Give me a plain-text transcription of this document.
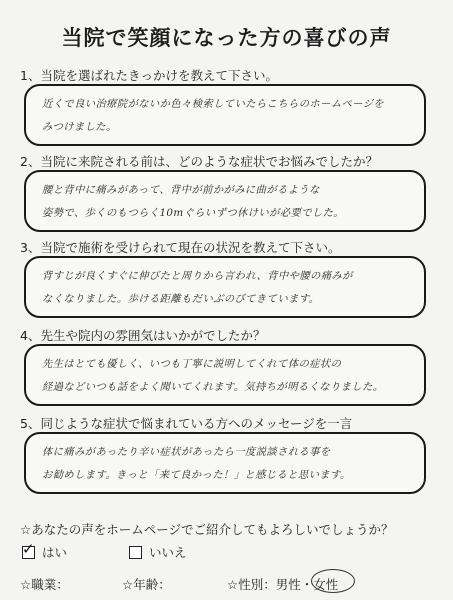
当院で笑顔になった方の喜びの声
1、当院を選ばれたきっかけを教えて下さい。
近くで良い治療院がないか色々検索していたらこちらのホームページを
みつけました。
2、当院に来院される前は、どのような症状でお悩みでしたか？
腰と背中に痛みがあって、背中が前かがみに曲がるような
姿勢で、歩くのもつらく10mぐらいずつ休けいが必要でした。
3、当院で施術を受けられて現在の状況を教えて下さい。
背すじが良くすぐに伸びたと周りから言われ、背中や腰の痛みが
なくなりました。歩ける距離もだいぶのびてきています。
4、先生や院内の雰囲気はいかがでしたか？
先生はとても優しく、いつも丁寧に説明してくれて体の症状の
経過などいつも話をよく聞いてくれます。気持ちが明るくなりました。
5、同じような症状で悩まれている方へのメッセージを一言
体に痛みがあったり辛い症状があったら一度説談される事を
お勧めします。きっと「来て良かった！」と感じると思います。
☆あなたの声をホームページでご紹介してもよろしいでしょうか？
✓ はい	いいえ
☆職業：	☆年齢：	☆性別：男性・女性
